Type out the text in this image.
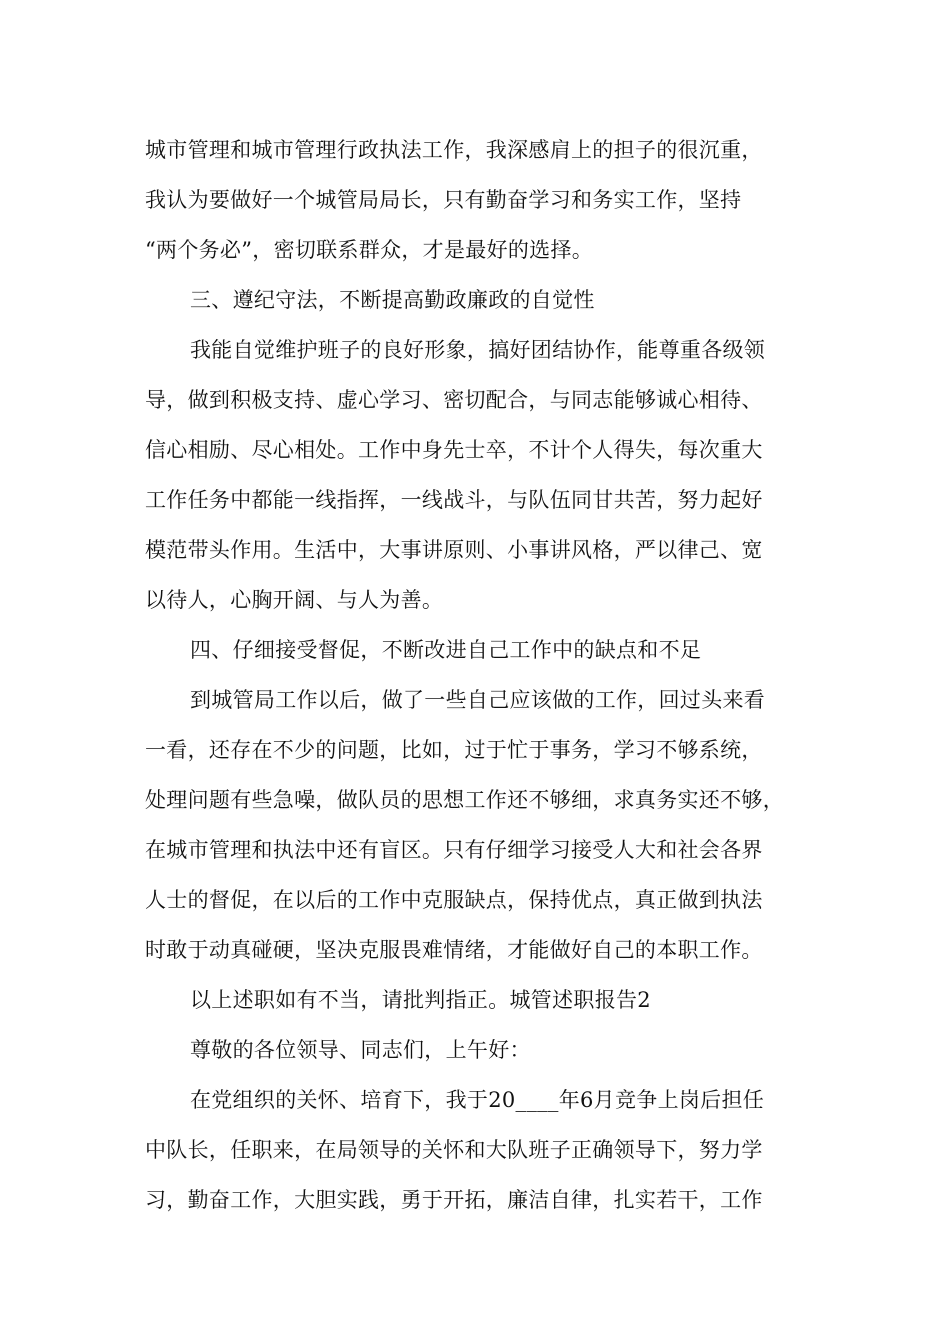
城市管理和城市管理行政执法工作，我深感肩上的担子的很沉重，
我认为要做好一个城管局局长，只有勤奋学习和务实工作，坚持
“两个务必”，密切联系群众，才是最好的选择。
三、遵纪守法，不断提高勤政廉政的自觉性
我能自觉维护班子的良好形象，搞好团结协作，能尊重各级领
导，做到积极支持、虚心学习、密切配合，与同志能够诚心相待、
信心相励、尽心相处。工作中身先士卒，不计个人得失，每次重大
工作任务中都能一线指挥，一线战斗，与队伍同甘共苦，努力起好
模范带头作用。生活中，大事讲原则、小事讲风格，严以律己、宽
以待人，心胸开阔、与人为善。
四、仔细接受督促，不断改进自己工作中的缺点和不足
到城管局工作以后，做了一些自己应该做的工作，回过头来看
一看，还存在不少的问题，比如，过于忙于事务，学习不够系统，
处理问题有些急噪，做队员的思想工作还不够细，求真务实还不够，
在城市管理和执法中还有盲区。只有仔细学习接受人大和社会各界
人士的督促，在以后的工作中克服缺点，保持优点，真正做到执法
时敢于动真碰硬，坚决克服畏难情绪，才能做好自己的本职工作。
以上述职如有不当，请批判指正。城管述职报告2
尊敬的各位领导、同志们，上午好：
在党组织的关怀、培育下，我于20____年6月竞争上岗后担任
中队长，任职来，在局领导的关怀和大队班子正确领导下，努力学
习，勤奋工作，大胆实践，勇于开拓，廉洁自律，扎实若干，工作
